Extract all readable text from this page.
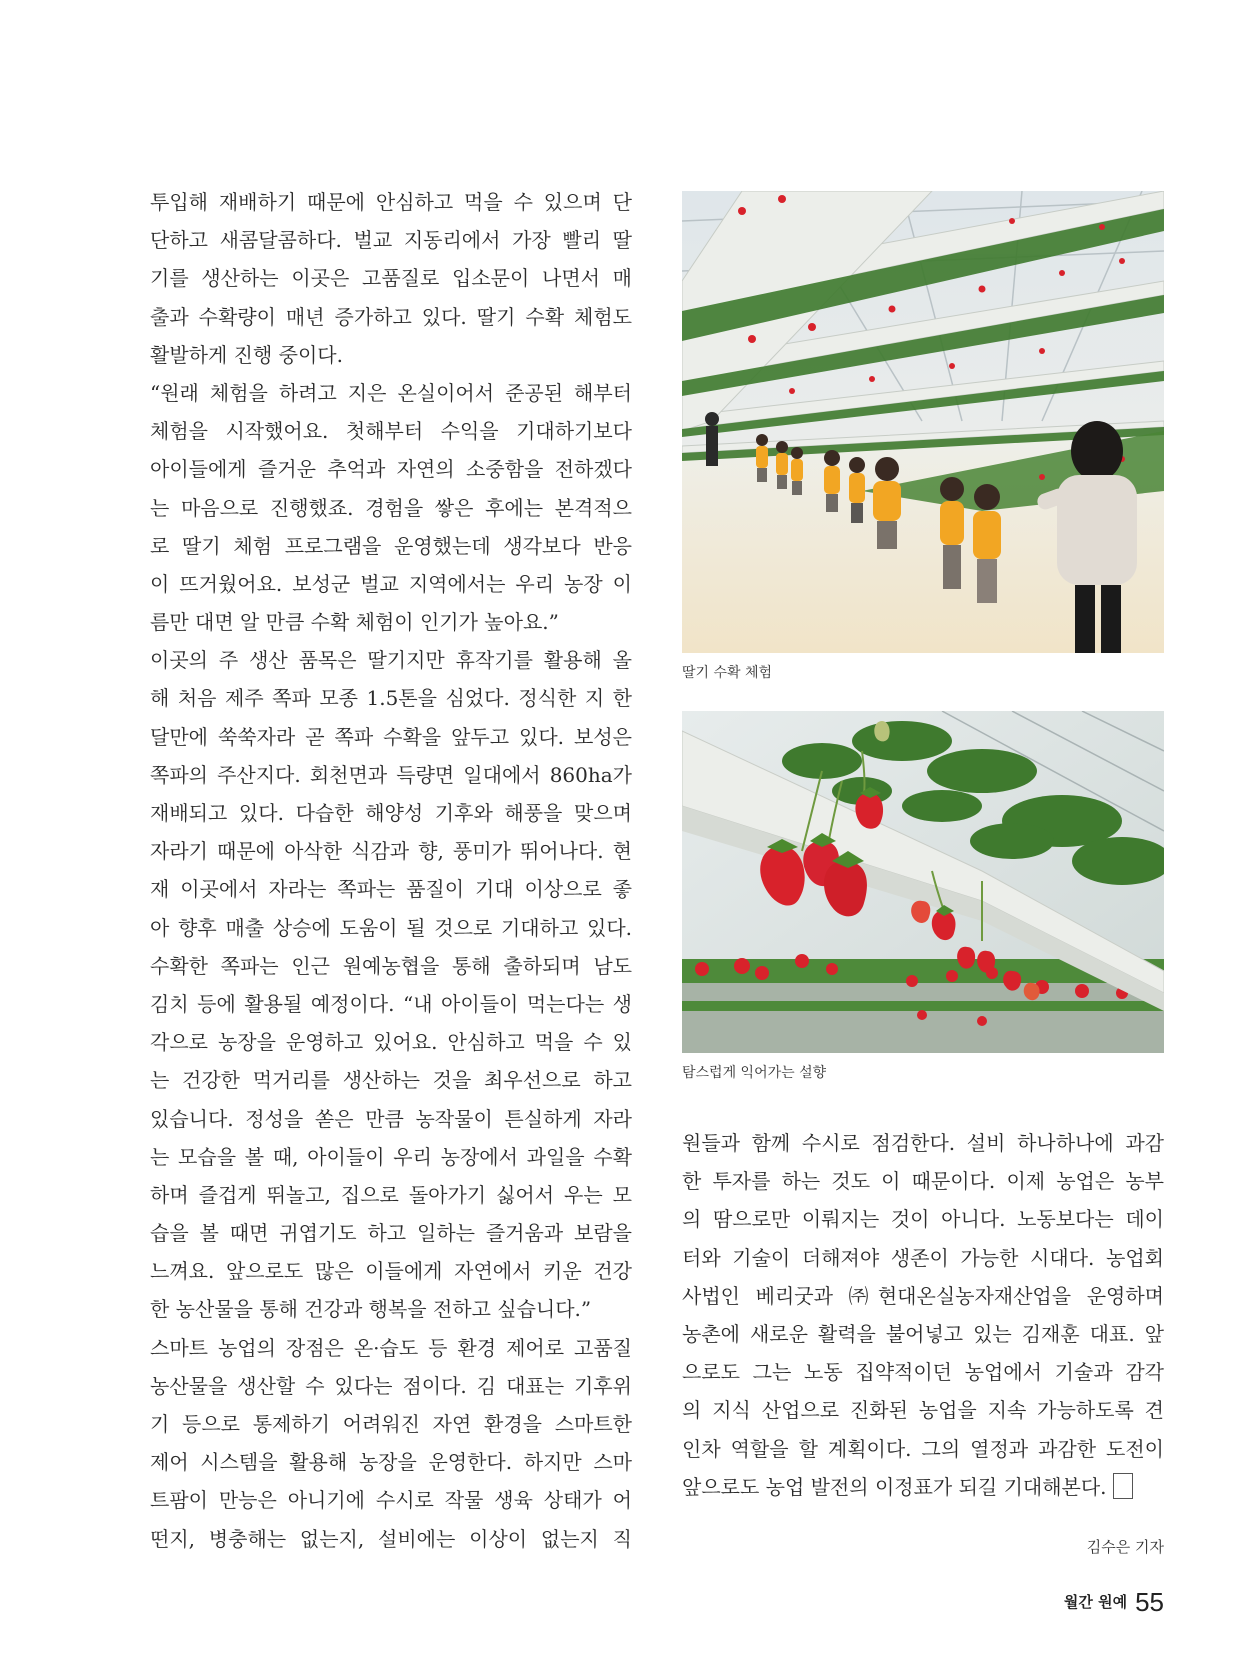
투입해 재배하기 때문에 안심하고 먹을 수 있으며 단
단하고 새콤달콤하다. 벌교 지동리에서 가장 빨리 딸
기를 생산하는 이곳은 고품질로 입소문이 나면서 매
출과 수확량이 매년 증가하고 있다. 딸기 수확 체험도
활발하게 진행 중이다.
“원래 체험을 하려고 지은 온실이어서 준공된 해부터
체험을 시작했어요. 첫해부터 수익을 기대하기보다
아이들에게 즐거운 추억과 자연의 소중함을 전하겠다
는 마음으로 진행했죠. 경험을 쌓은 후에는 본격적으
로 딸기 체험 프로그램을 운영했는데 생각보다 반응
이 뜨거웠어요. 보성군 벌교 지역에서는 우리 농장 이
름만 대면 알 만큼 수확 체험이 인기가 높아요.”
이곳의 주 생산 품목은 딸기지만 휴작기를 활용해 올
해 처음 제주 쪽파 모종 1.5톤을 심었다. 정식한 지 한
달만에 쑥쑥자라 곧 쪽파 수확을 앞두고 있다. 보성은
쪽파의 주산지다. 회천면과 득량면 일대에서 860ha가
재배되고 있다. 다습한 해양성 기후와 해풍을 맞으며
자라기 때문에 아삭한 식감과 향, 풍미가 뛰어나다. 현
재 이곳에서 자라는 쪽파는 품질이 기대 이상으로 좋
아 향후 매출 상승에 도움이 될 것으로 기대하고 있다.
수확한 쪽파는 인근 원예농협을 통해 출하되며 남도
김치 등에 활용될 예정이다. “내 아이들이 먹는다는 생
각으로 농장을 운영하고 있어요. 안심하고 먹을 수 있
는 건강한 먹거리를 생산하는 것을 최우선으로 하고
있습니다. 정성을 쏟은 만큼 농작물이 튼실하게 자라
는 모습을 볼 때, 아이들이 우리 농장에서 과일을 수확
하며 즐겁게 뛰놀고, 집으로 돌아가기 싫어서 우는 모
습을 볼 때면 귀엽기도 하고 일하는 즐거움과 보람을
느껴요. 앞으로도 많은 이들에게 자연에서 키운 건강
한 농산물을 통해 건강과 행복을 전하고 싶습니다.”
스마트 농업의 장점은 온·습도 등 환경 제어로 고품질
농산물을 생산할 수 있다는 점이다. 김 대표는 기후위
기 등으로 통제하기 어려워진 자연 환경을 스마트한
제어 시스템을 활용해 농장을 운영한다. 하지만 스마
트팜이 만능은 아니기에 수시로 작물 생육 상태가 어
떤지, 병충해는 없는지, 설비에는 이상이 없는지 직
딸기 수확 체험
탐스럽게 익어가는 설향
원들과 함께 수시로 점검한다. 설비 하나하나에 과감
한 투자를 하는 것도 이 때문이다. 이제 농업은 농부
의 땀으로만 이뤄지는 것이 아니다. 노동보다는 데이
터와 기술이 더해져야 생존이 가능한 시대다. 농업회
사법인 베리굿과 ㈜현대온실농자재산업을 운영하며
농촌에 새로운 활력을 불어넣고 있는 김재훈 대표. 앞
으로도 그는 노동 집약적이던 농업에서 기술과 감각
의 지식 산업으로 진화된 농업을 지속 가능하도록 견
인차 역할을 할 계획이다. 그의 열정과 과감한 도전이
앞으로도 농업 발전의 이정표가 되길 기대해본다.
김수은 기자
월간 원예 55
